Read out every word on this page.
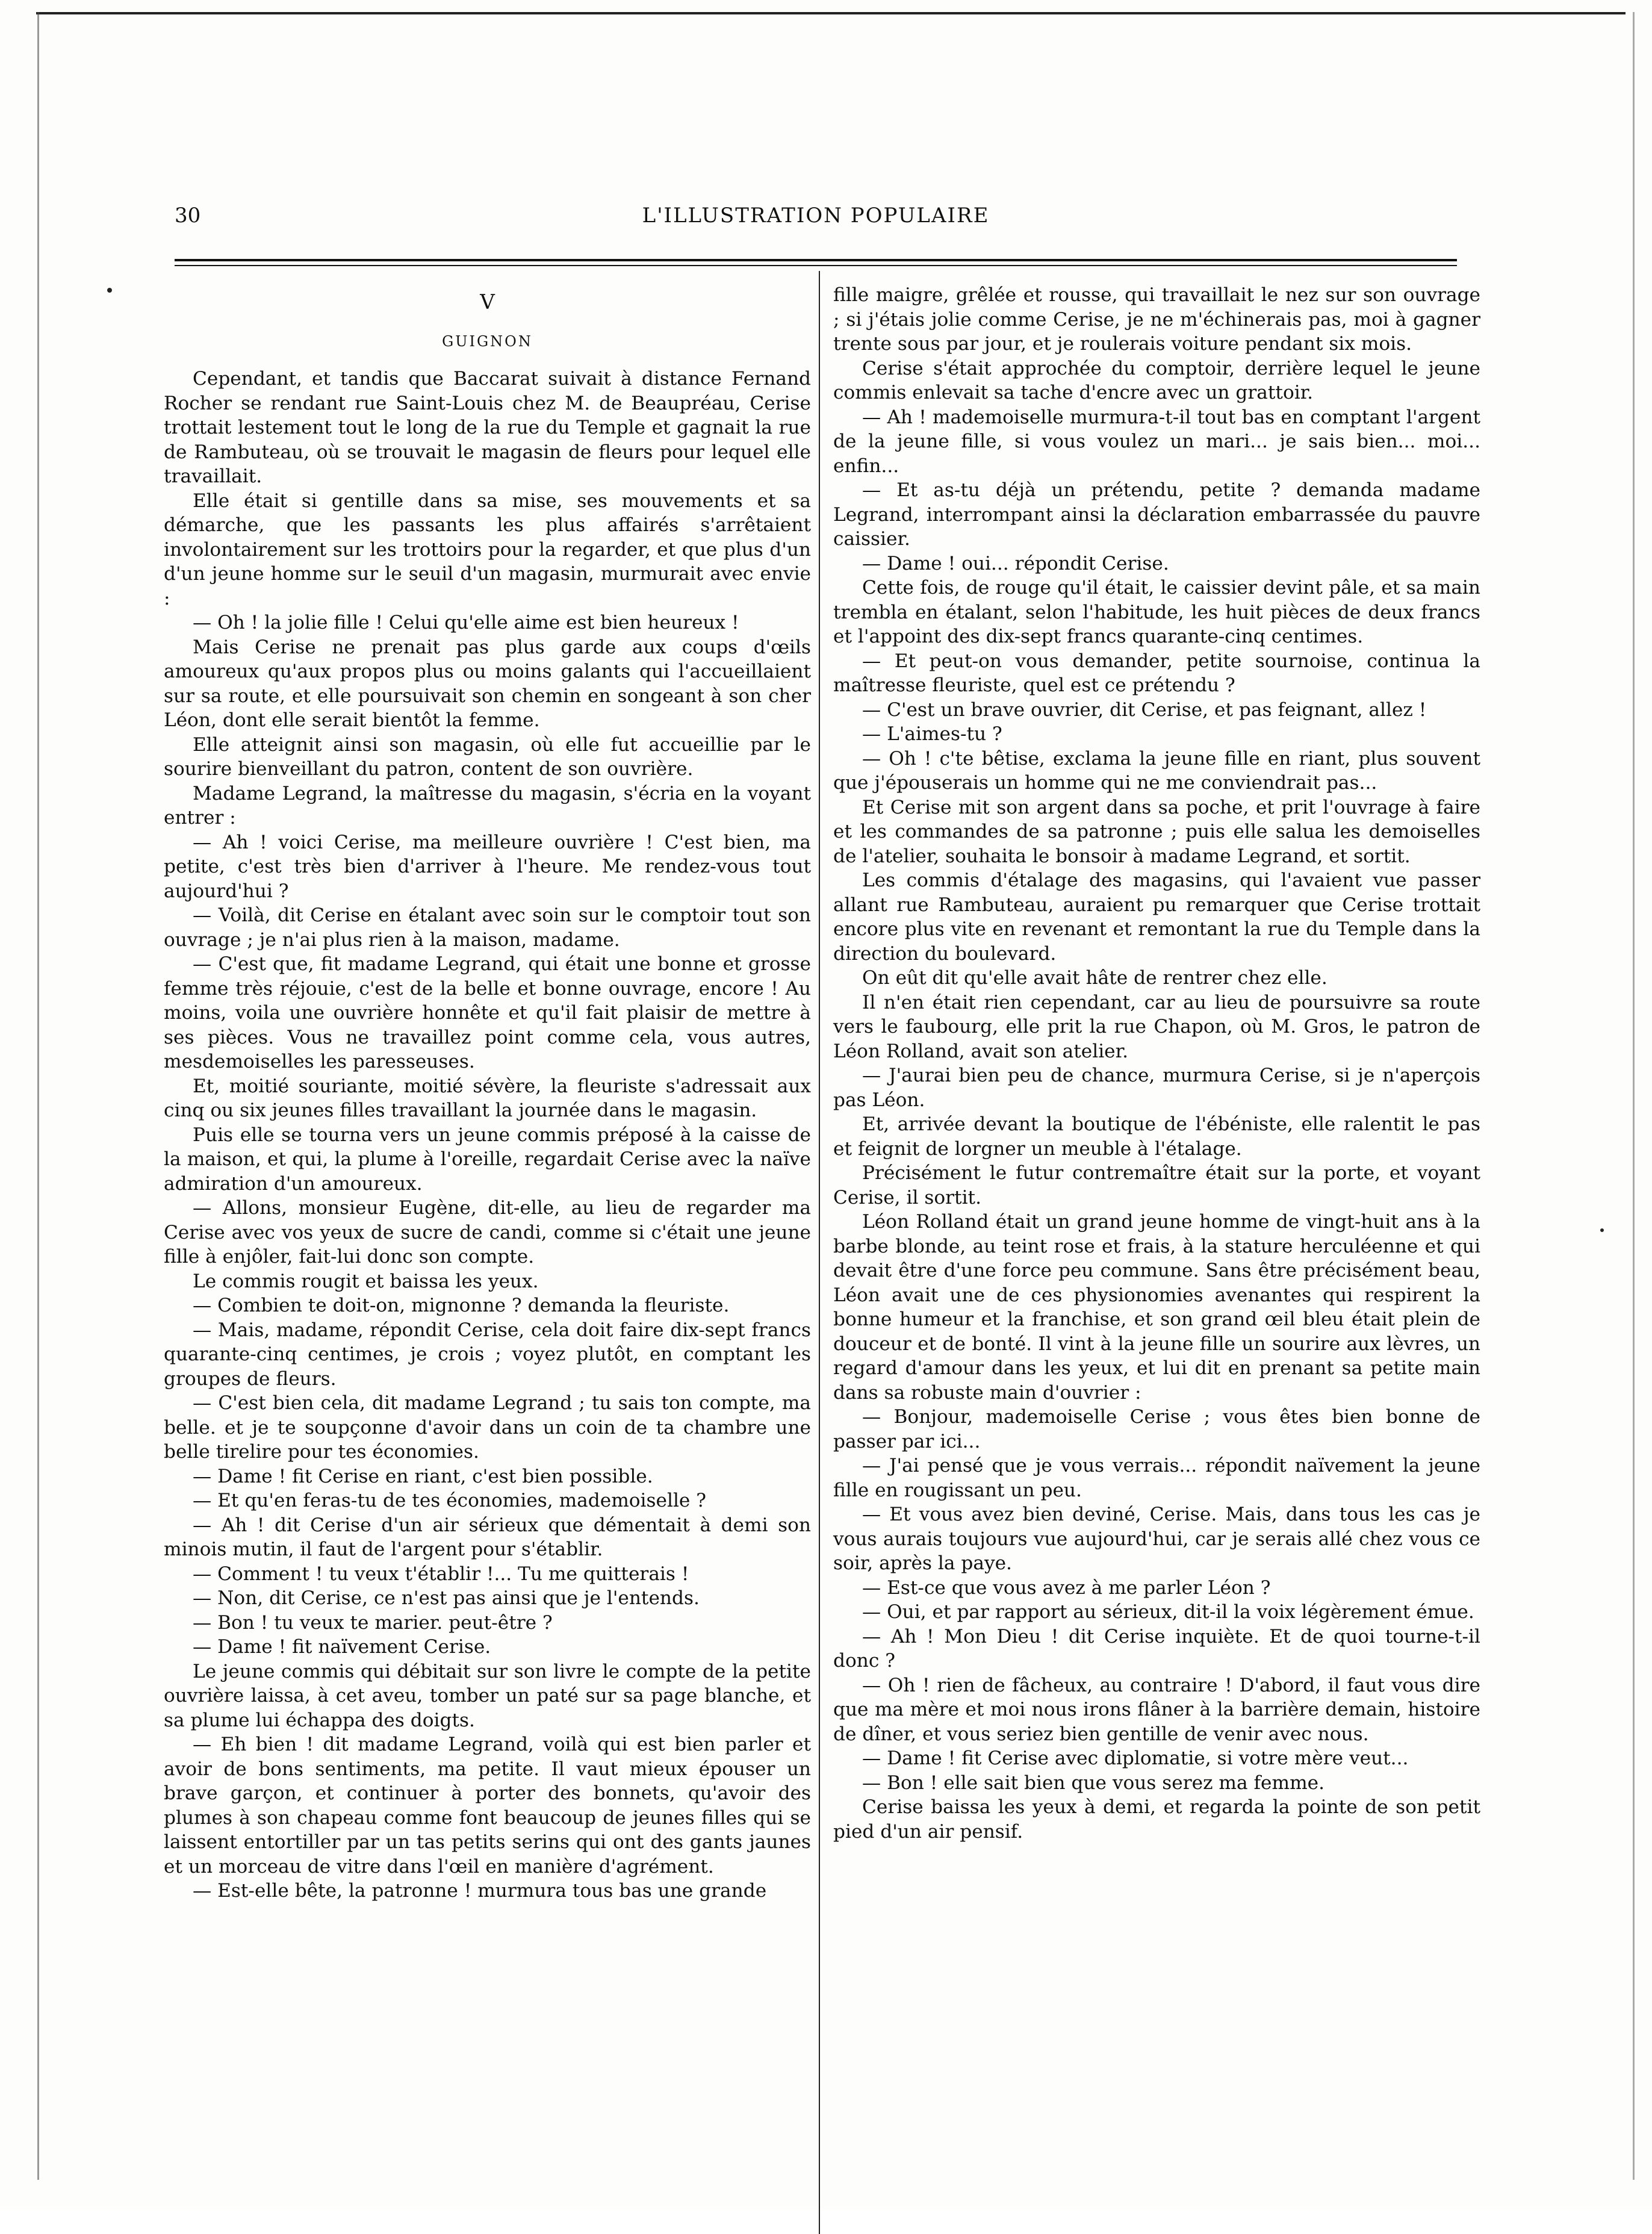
30	L'ILLUSTRATION POPULAIRE
V
GUIGNON

Cependant, et tandis que Baccarat suivait à distance Fernand Rocher se rendant rue Saint-Louis chez M. de Beaupréau, Cerise trottait lestement tout le long de la rue du Temple et gagnait la rue de Rambuteau, où se trouvait le magasin de fleurs pour lequel elle travaillait.

Elle était si gentille dans sa mise, ses mouvements et sa démarche, que les passants les plus affairés s'arrêtaient involontairement sur les trottoirs pour la regarder, et que plus d'un d'un jeune homme sur le seuil d'un magasin, murmurait avec envie :

— Oh ! la jolie fille ! Celui qu'elle aime est bien heureux !

Mais Cerise ne prenait pas plus garde aux coups d'œils amoureux qu'aux propos plus ou moins galants qui l'accueillaient sur sa route, et elle poursuivait son chemin en songeant à son cher Léon, dont elle serait bientôt la femme.

Elle atteignit ainsi son magasin, où elle fut accueillie par le sourire bienveillant du patron, content de son ouvrière.

Madame Legrand, la maîtresse du magasin, s'écria en la voyant entrer :

— Ah ! voici Cerise, ma meilleure ouvrière ! C'est bien, ma petite, c'est très bien d'arriver à l'heure. Me rendez-vous tout aujourd'hui ?

— Voilà, dit Cerise en étalant avec soin sur le comptoir tout son ouvrage ; je n'ai plus rien à la maison, madame.

— C'est que, fit madame Legrand, qui était une bonne et grosse femme très réjouie, c'est de la belle et bonne ouvrage, encore ! Au moins, voila une ouvrière honnête et qu'il fait plaisir de mettre à ses pièces. Vous ne travaillez point comme cela, vous autres, mesdemoiselles les paresseuses.

Et, moitié souriante, moitié sévère, la fleuriste s'adressait aux cinq ou six jeunes filles travaillant la journée dans le magasin.

Puis elle se tourna vers un jeune commis préposé à la caisse de la maison, et qui, la plume à l'oreille, regardait Cerise avec la naïve admiration d'un amoureux.

— Allons, monsieur Eugène, dit-elle, au lieu de regarder ma Cerise avec vos yeux de sucre de candi, comme si c'était une jeune fille à enjôler, fait-lui donc son compte.

Le commis rougit et baissa les yeux.

— Combien te doit-on, mignonne ? demanda la fleuriste.

— Mais, madame, répondit Cerise, cela doit faire dix-sept francs quarante-cinq centimes, je crois ; voyez plutôt, en comptant les groupes de fleurs.

— C'est bien cela, dit madame Legrand ; tu sais ton compte, ma belle. et je te soupçonne d'avoir dans un coin de ta chambre une belle tirelire pour tes économies.

— Dame ! fit Cerise en riant, c'est bien possible.

— Et qu'en feras-tu de tes économies, mademoiselle ?

— Ah ! dit Cerise d'un air sérieux que démentait à demi son minois mutin, il faut de l'argent pour s'établir.

— Comment ! tu veux t'établir !... Tu me quitterais !

— Non, dit Cerise, ce n'est pas ainsi que je l'entends.

— Bon ! tu veux te marier. peut-être ?

— Dame ! fit naïvement Cerise.

Le jeune commis qui débitait sur son livre le compte de la petite ouvrière laissa, à cet aveu, tomber un paté sur sa page blanche, et sa plume lui échappa des doigts.

— Eh bien ! dit madame Legrand, voilà qui est bien parler et avoir de bons sentiments, ma petite. Il vaut mieux épouser un brave garçon, et continuer à porter des bonnets, qu'avoir des plumes à son chapeau comme font beaucoup de jeunes filles qui se laissent entortiller par un tas petits serins qui ont des gants jaunes et un morceau de vitre dans l'œil en manière d'agrément.

— Est-elle bête, la patronne ! murmura tous bas une grande

fille maigre, grêlée et rousse, qui travaillait le nez sur son ouvrage ; si j'étais jolie comme Cerise, je ne m'échinerais pas, moi à gagner trente sous par jour, et je roulerais voiture pendant six mois.

Cerise s'était approchée du comptoir, derrière lequel le jeune commis enlevait sa tache d'encre avec un grattoir.

— Ah ! mademoiselle murmura-t-il tout bas en comptant l'argent de la jeune fille, si vous voulez un mari... je sais bien... moi... enfin...

— Et as-tu déjà un prétendu, petite ? demanda madame Legrand, interrompant ainsi la déclaration embarrassée du pauvre caissier.

— Dame ! oui... répondit Cerise.

Cette fois, de rouge qu'il était, le caissier devint pâle, et sa main trembla en étalant, selon l'habitude, les huit pièces de deux francs et l'appoint des dix-sept francs quarante-cinq centimes.

— Et peut-on vous demander, petite sournoise, continua la maîtresse fleuriste, quel est ce prétendu ?

— C'est un brave ouvrier, dit Cerise, et pas feignant, allez !

— L'aimes-tu ?

— Oh ! c'te bêtise, exclama la jeune fille en riant, plus souvent que j'épouserais un homme qui ne me conviendrait pas...

Et Cerise mit son argent dans sa poche, et prit l'ouvrage à faire et les commandes de sa patronne ; puis elle salua les demoiselles de l'atelier, souhaita le bonsoir à madame Legrand, et sortit.

Les commis d'étalage des magasins, qui l'avaient vue passer allant rue Rambuteau, auraient pu remarquer que Cerise trottait encore plus vite en revenant et remontant la rue du Temple dans la direction du boulevard.

On eût dit qu'elle avait hâte de rentrer chez elle.

Il n'en était rien cependant, car au lieu de poursuivre sa route vers le faubourg, elle prit la rue Chapon, où M. Gros, le patron de Léon Rolland, avait son atelier.

— J'aurai bien peu de chance, murmura Cerise, si je n'aperçois pas Léon.

Et, arrivée devant la boutique de l'ébéniste, elle ralentit le pas et feignit de lorgner un meuble à l'étalage.

Précisément le futur contremaître était sur la porte, et voyant Cerise, il sortit.

Léon Rolland était un grand jeune homme de vingt-huit ans à la barbe blonde, au teint rose et frais, à la stature herculéenne et qui devait être d'une force peu commune. Sans être précisément beau, Léon avait une de ces physionomies avenantes qui respirent la bonne humeur et la franchise, et son grand œil bleu était plein de douceur et de bonté. Il vint à la jeune fille un sourire aux lèvres, un regard d'amour dans les yeux, et lui dit en prenant sa petite main dans sa robuste main d'ouvrier :

— Bonjour, mademoiselle Cerise ; vous êtes bien bonne de passer par ici...

— J'ai pensé que je vous verrais... répondit naïvement la jeune fille en rougissant un peu.

— Et vous avez bien deviné, Cerise. Mais, dans tous les cas je vous aurais toujours vue aujourd'hui, car je serais allé chez vous ce soir, après la paye.

— Est-ce que vous avez à me parler Léon ?

— Oui, et par rapport au sérieux, dit-il la voix légèrement émue.

— Ah ! Mon Dieu ! dit Cerise inquiète. Et de quoi tourne-t-il donc ?

— Oh ! rien de fâcheux, au contraire ! D'abord, il faut vous dire que ma mère et moi nous irons flâner à la barrière demain, histoire de dîner, et vous seriez bien gentille de venir avec nous.

— Dame ! fit Cerise avec diplomatie, si votre mère veut...

— Bon ! elle sait bien que vous serez ma femme.

Cerise baissa les yeux à demi, et regarda la pointe de son petit pied d'un air pensif.
